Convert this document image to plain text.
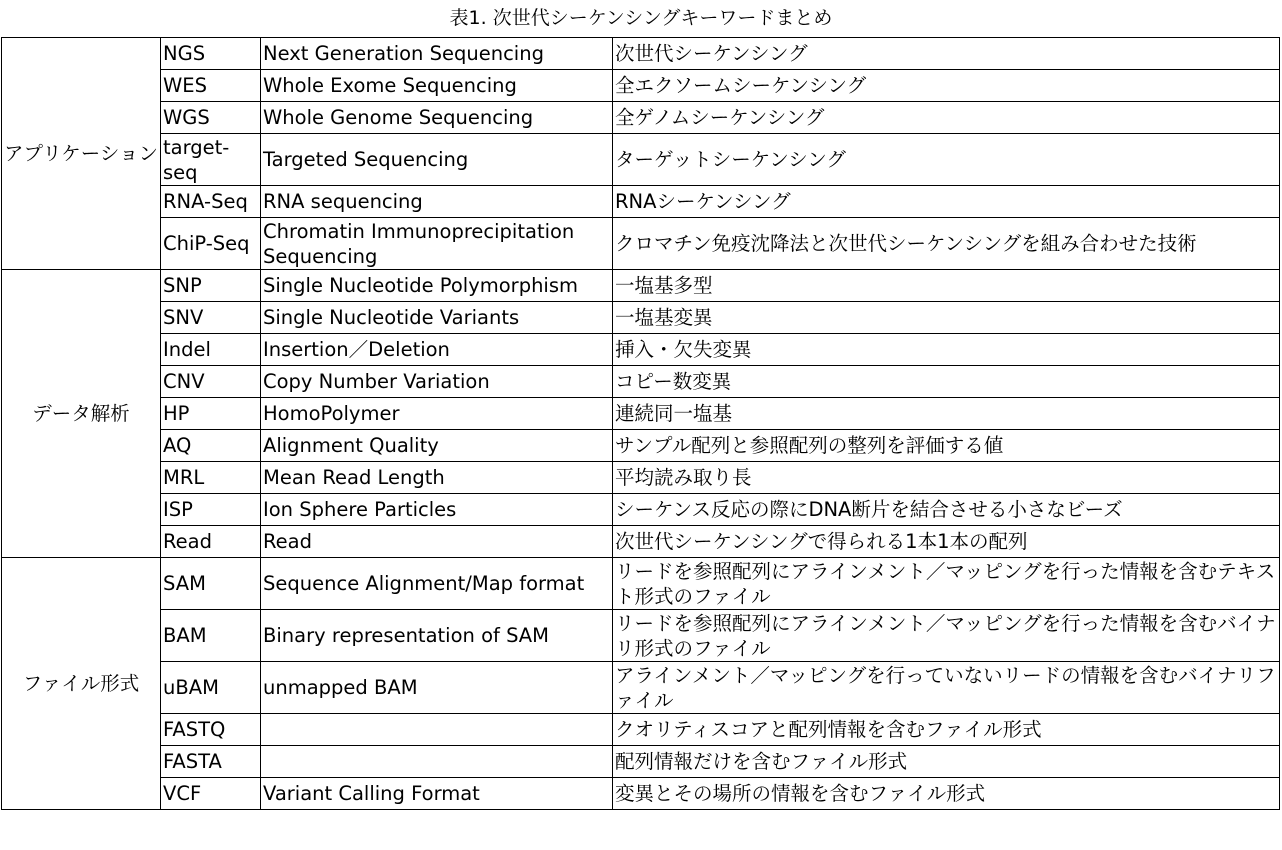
表1. 次世代シーケンシングキーワードまとめ
アプリケーション	NGS	Next Generation Sequencing	次世代シーケンシング
	WES	Whole Exome Sequencing	全エクソームシーケンシング
	WGS	Whole Genome Sequencing	全ゲノムシーケンシング
	target-seq	Targeted Sequencing	ターゲットシーケンシング
	RNA-Seq	RNA sequencing	RNAシーケンシング
	ChiP-Seq	Chromatin Immunoprecipitation Sequencing	クロマチン免疫沈降法と次世代シーケンシングを組み合わせた技術
データ解析	SNP	Single Nucleotide Polymorphism	一塩基多型
	SNV	Single Nucleotide Variants	一塩基変異
	Indel	Insertion／Deletion	挿入・欠失変異
	CNV	Copy Number Variation	コピー数変異
	HP	HomoPolymer	連続同一塩基
	AQ	Alignment Quality	サンプル配列と参照配列の整列を評価する値
	MRL	Mean Read Length	平均読み取り長
	ISP	Ion Sphere Particles	シーケンス反応の際にDNA断片を結合させる小さなビーズ
	Read	Read	次世代シーケンシングで得られる1本1本の配列
ファイル形式	SAM	Sequence Alignment/Map format	リードを参照配列にアラインメント／マッピングを行った情報を含むテキスト形式のファイル
	BAM	Binary representation of SAM	リードを参照配列にアラインメント／マッピングを行った情報を含むバイナリ形式のファイル
	uBAM	unmapped BAM	アラインメント／マッピングを行っていないリードの情報を含むバイナリファイル
	FASTQ		クオリティスコアと配列情報を含むファイル形式
	FASTA		配列情報だけを含むファイル形式
	VCF	Variant Calling Format	変異とその場所の情報を含むファイル形式
